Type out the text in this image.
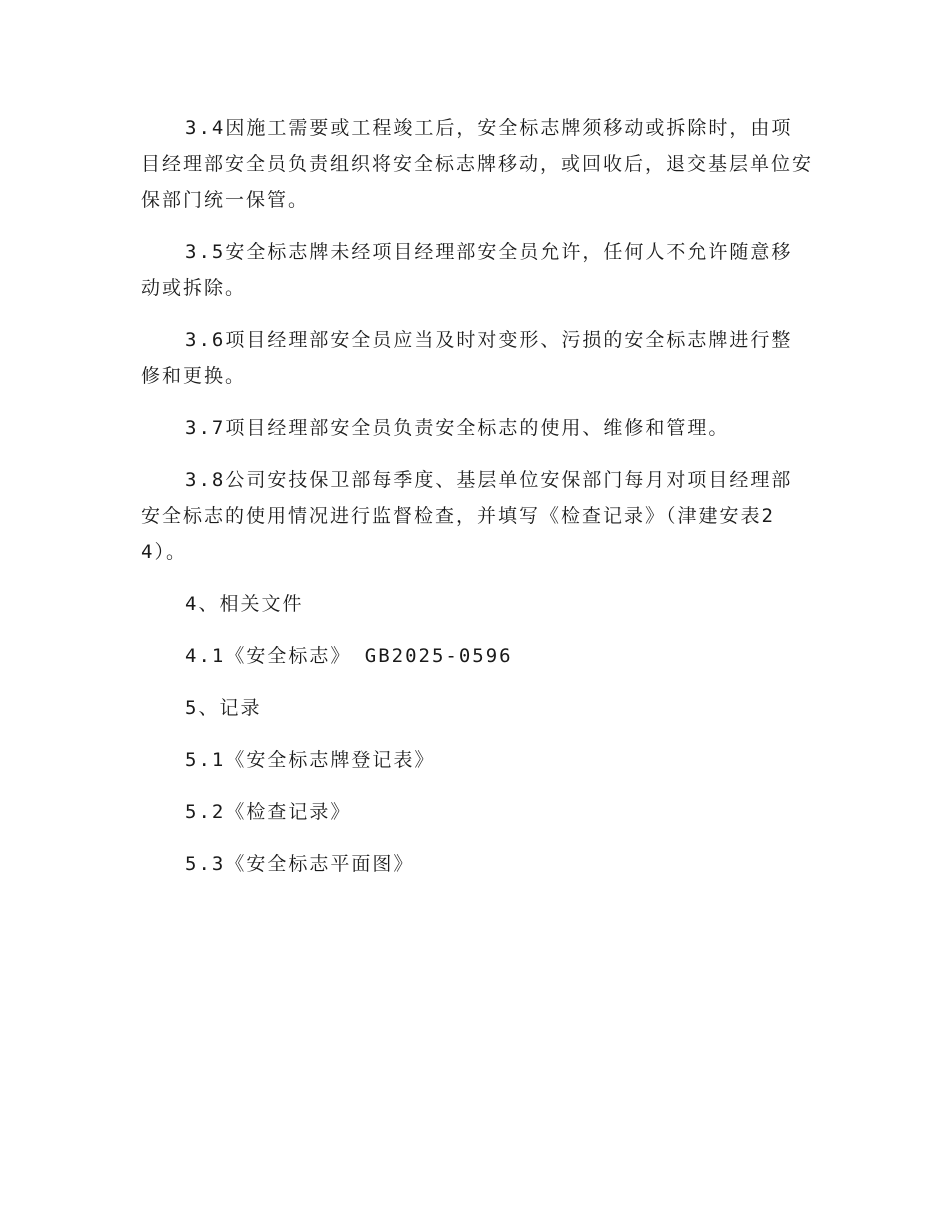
3.4因施工需要或工程竣工后，安全标志牌须移动或拆除时，由项目经理部安全员负责组织将安全标志牌移动，或回收后，退交基层单位安保部门统一保管。

3.5安全标志牌未经项目经理部安全员允许，任何人不允许随意移动或拆除。

3.6项目经理部安全员应当及时对变形、污损的安全标志牌进行整修和更换。

3.7项目经理部安全员负责安全标志的使用、维修和管理。

3.8公司安技保卫部每季度、基层单位安保部门每月对项目经理部安全标志的使用情况进行监督检查，并填写《检查记录》（津建安表24）。

4、相关文件

4.1《安全标志》 GB2025-0596

5、记录

5.1《安全标志牌登记表》

5.2《检查记录》

5.3《安全标志平面图》
